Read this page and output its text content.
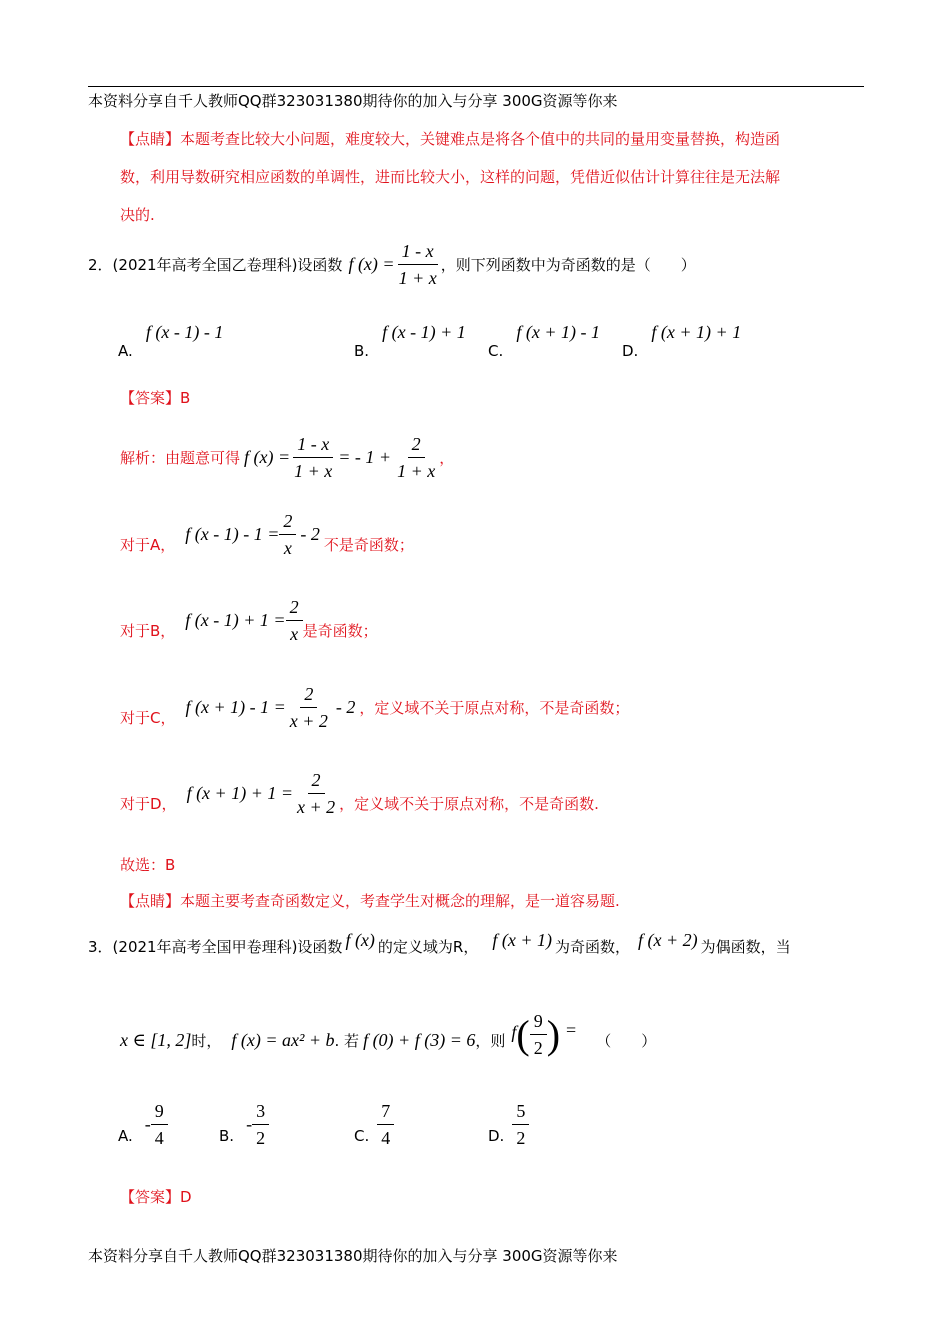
本资料分享自千人教师QQ群323031380期待你的加入与分享 300G资源等你来
【点睛】本题考查比较大小问题，难度较大，关键难点是将各个值中的共同的量用变量替换，构造函
数，利用导数研究相应函数的单调性，进而比较大小，这样的问题，凭借近似估计计算往往是无法解
决的.
2． (2021年高考全国乙卷理科)设函数 f $(x) = \frac{1 - x}{1 + x}$ ，则下列函数中为奇函数的是（　　）
A. f (x - 1) - 1
B. f (x - 1) + 1
C. f (x + 1) - 1
D. f (x + 1) + 1
【答案】B
解析：由题意可得 f $(x) = \frac{1 - x}{1 + x}$ = - $1 + \frac{2}{1 + x}$ ，
对于A，
f $(x - 1) - 1 = \frac{2}{x} - 2$
不是奇函数；
对于B，
f $(x - 1) + 1 = \frac{2}{x}$ 是奇函数；
对于C，
f $(x + 1) - 1 = \frac{2}{x + 2} - 2$ ，定义域不关于原点对称，不是奇函数；
对于D，
f $(x + 1) + 1 = \frac{2}{x + 2}$ ，定义域不关于原点对称，不是奇函数.
故选：B
【点睛】本题主要考查奇函数定义，考查学生对概念的理解，是一道容易题.
3． (2021年高考全国甲卷理科)设函数 f (x) 的定义域为R， f (x + 1) 为奇函数， f (x + 2) 为偶函数，当
x ∈ [1, 2] 时， f (x) = ax² + b . 若 f (0) + f (3) = 6 ，则 f ( $\frac{9}{2}$ ) =
（　　）
A.
- $\frac{9}{4}$	B.
- $\frac{3}{2}$	C. $\frac{7}{4}$	D. $\frac{5}{2}$
【答案】D
本资料分享自千人教师QQ群323031380期待你的加入与分享 300G资源等你来
